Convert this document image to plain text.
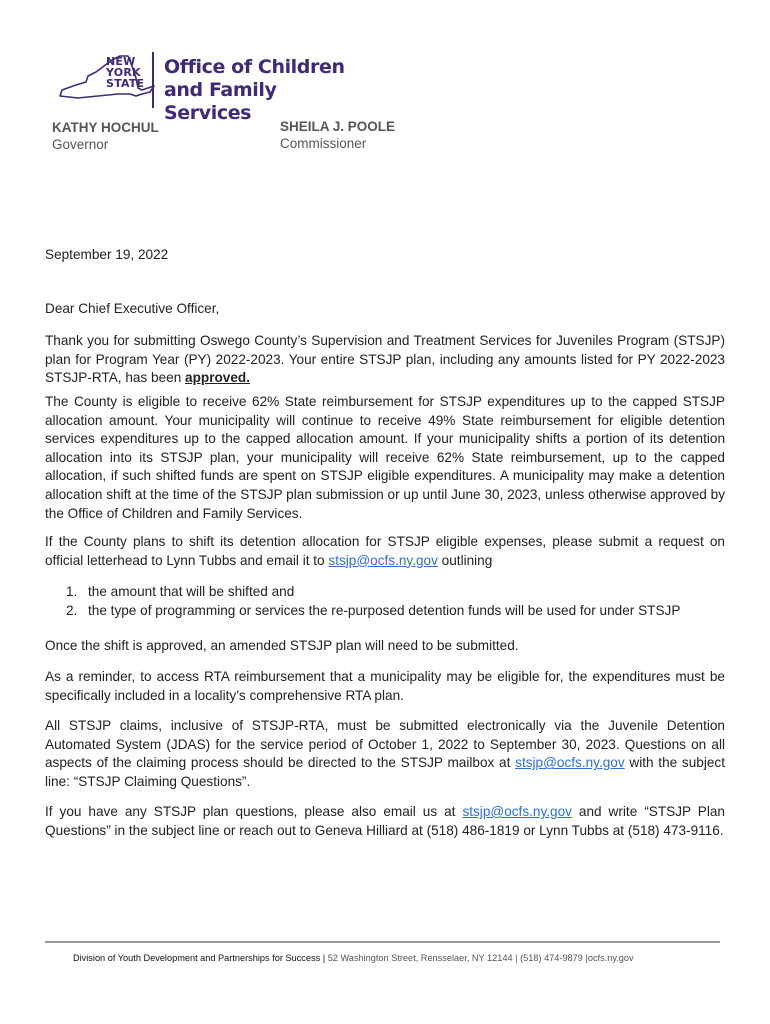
NEW
YORK
STATE
Office of Children
and Family Services
KATHY HOCHUL
Governor
SHEILA J. POOLE
Commissioner
September 19, 2022
Dear Chief Executive Officer,

Thank you for submitting Oswego County’s Supervision and Treatment Services for Juveniles Program (STSJP) plan for Program Year (PY) 2022-2023. Your entire STSJP plan, including any amounts listed for PY 2022-2023 STSJP-RTA, has been approved.

The County is eligible to receive 62% State reimbursement for STSJP expenditures up to the capped STSJP allocation amount. Your municipality will continue to receive 49% State reimbursement for eligible detention services expenditures up to the capped allocation amount. If your municipality shifts a portion of its detention allocation into its STSJP plan, your municipality will receive 62% State reimbursement, up to the capped allocation, if such shifted funds are spent on STSJP eligible expenditures. A municipality may make a detention allocation shift at the time of the STSJP plan submission or up until June 30, 2023, unless otherwise approved by the Office of Children and Family Services.

If the County plans to shift its detention allocation for STSJP eligible expenses, please submit a request on official letterhead to Lynn Tubbs and email it to stsjp@ocfs.ny.gov outlining

1. the amount that will be shifted and
2. the type of programming or services the re-purposed detention funds will be used for under STSJP

Once the shift is approved, an amended STSJP plan will need to be submitted.

As a reminder, to access RTA reimbursement that a municipality may be eligible for, the expenditures must be specifically included in a locality’s comprehensive RTA plan.

All STSJP claims, inclusive of STSJP-RTA, must be submitted electronically via the Juvenile Detention Automated System (JDAS) for the service period of October 1, 2022 to September 30, 2023. Questions on all aspects of the claiming process should be directed to the STSJP mailbox at stsjp@ocfs.ny.gov with the subject line: “STSJP Claiming Questions”.

If you have any STSJP plan questions, please also email us at stsjp@ocfs.ny.gov and write “STSJP Plan Questions” in the subject line or reach out to Geneva Hilliard at (518) 486-1819 or Lynn Tubbs at (518) 473-9116.

Division of Youth Development and Partnerships for Success | 52 Washington Street, Rensselaer, NY 12144 | (518) 474-9879 |ocfs.ny.gov
